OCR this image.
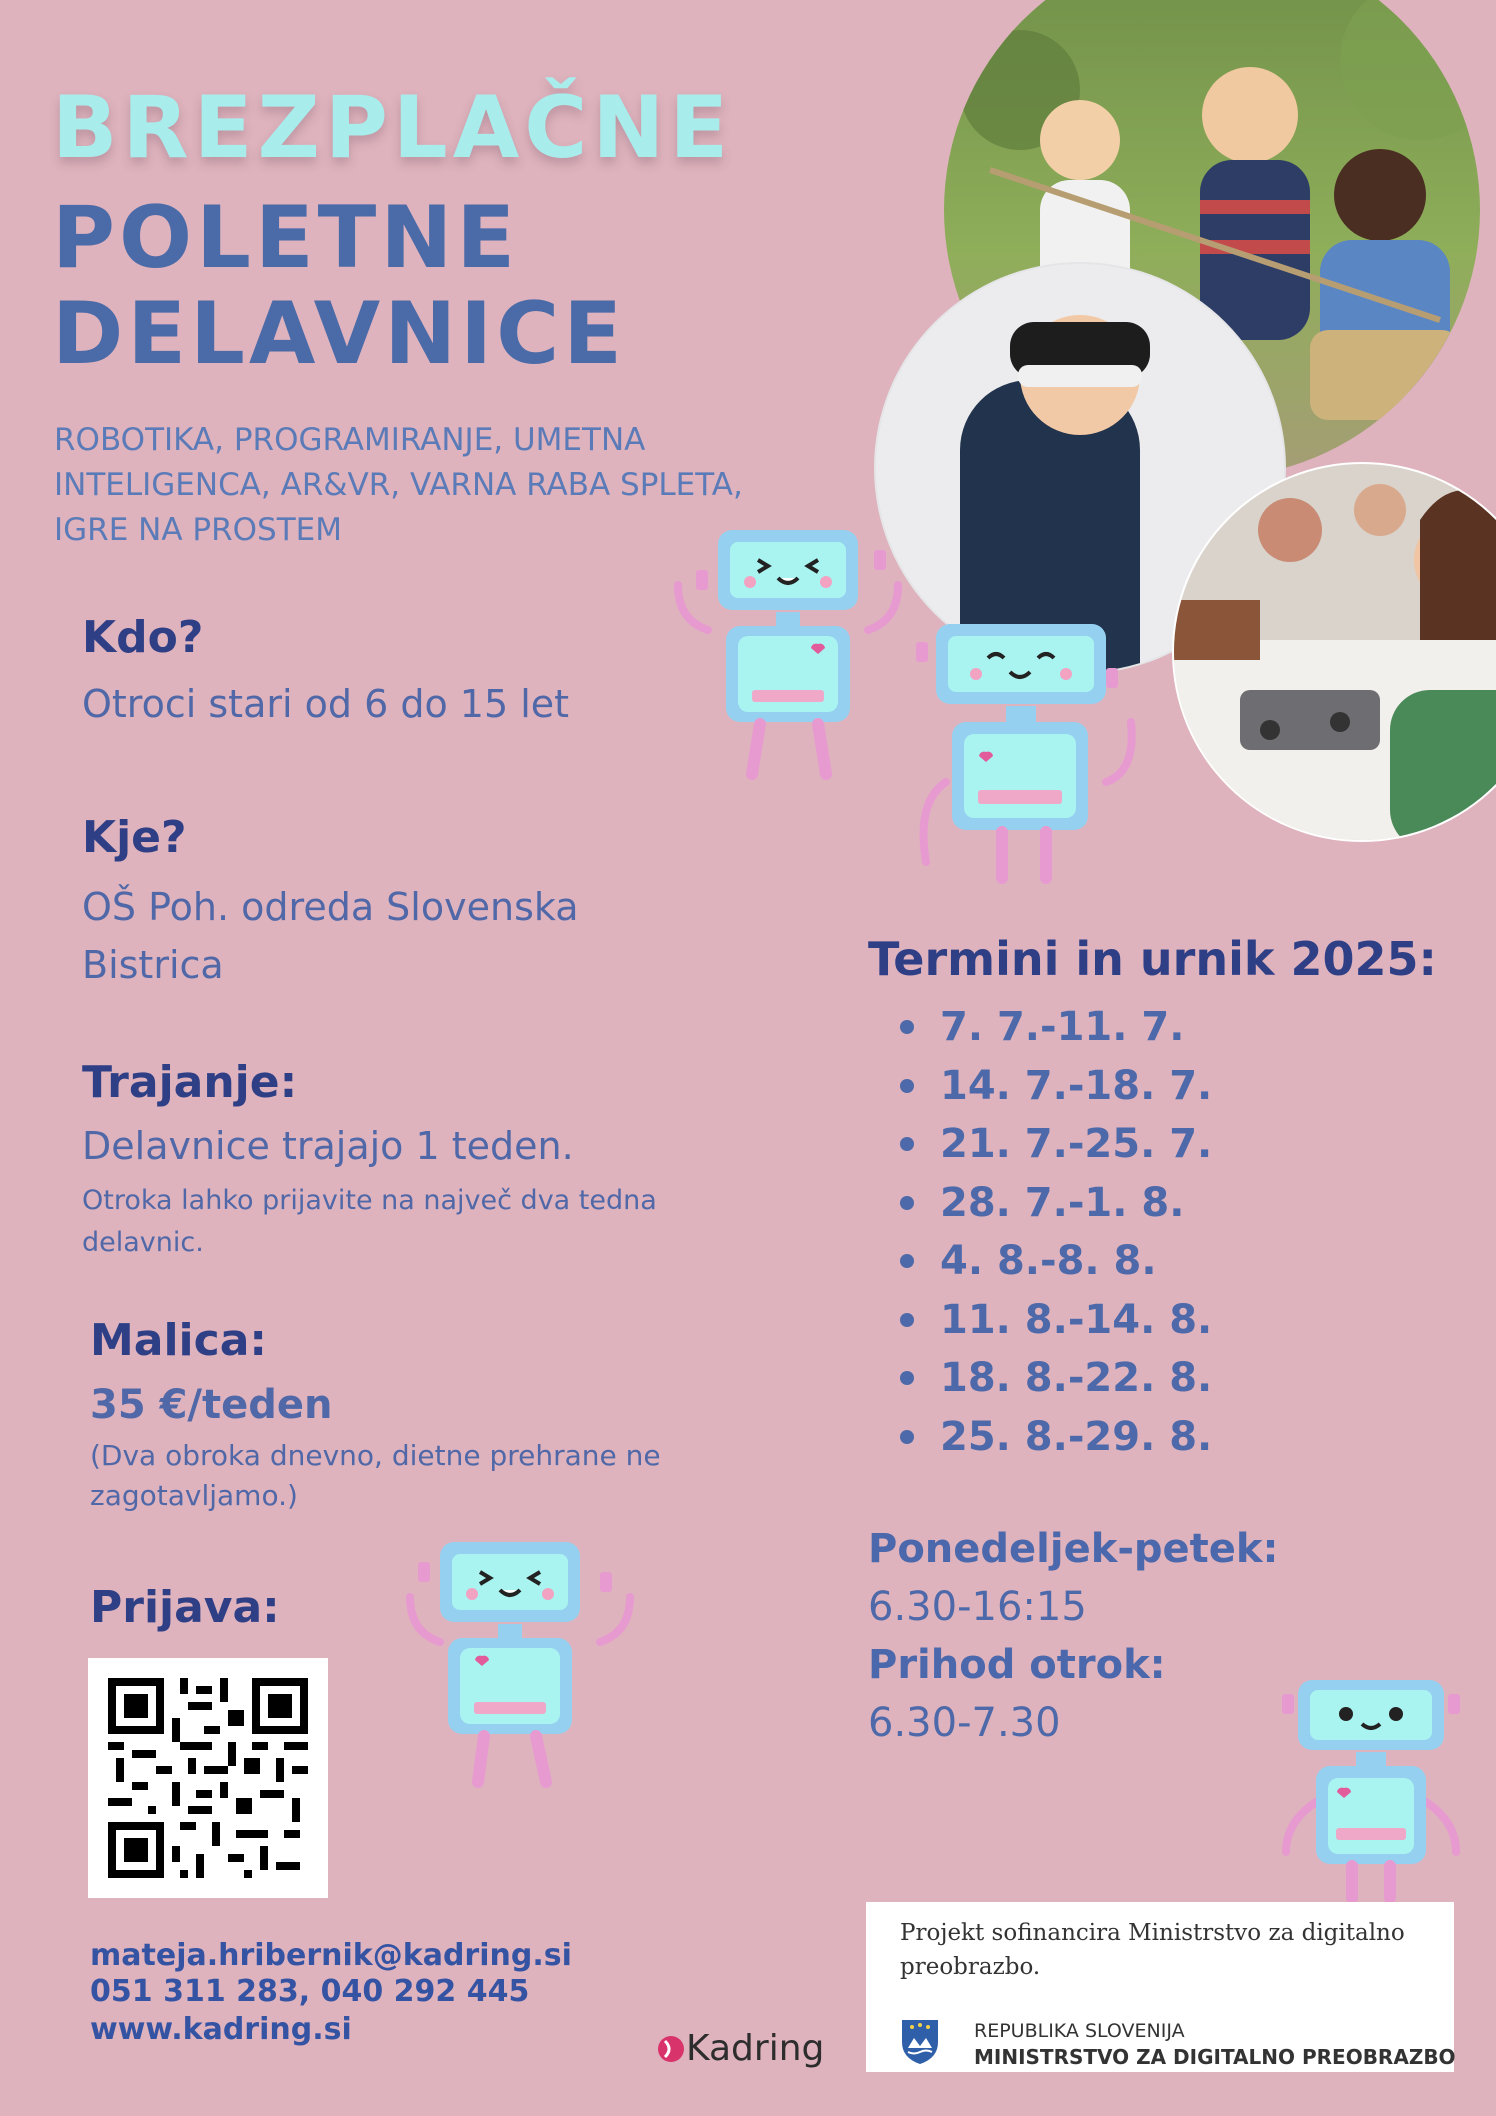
BREZPLAČNE
POLETNE
DELAVNICE
ROBOTIKA, PROGRAMIRANJE, UMETNA INTELIGENCA, AR&VR, VARNA RABA SPLETA, IGRE NA PROSTEM
Kdo?
Otroci stari od 6 do 15 let
Kje?
OŠ Poh. odreda Slovenska Bistrica
Trajanje:
Delavnice trajajo 1 teden.
Otroka lahko prijavite na največ dva tedna delavnic.
Malica:
35 €/teden
(Dva obroka dnevno, dietne prehrane ne zagotavljamo.)
Prijava:
mateja.hribernik@kadring.si
051 311 283, 040 292 445
www.kadring.si
Termini in urnik 2025:
7. 7.-11. 7.
14. 7.-18. 7.
21. 7.-25. 7.
28. 7.-1. 8.
4. 8.-8. 8.
11. 8.-14. 8.
18. 8.-22. 8.
25. 8.-29. 8.
Ponedeljek-petek:
6.30-16:15
Prihod otrok:
6.30-7.30
Projekt sofinancira Ministrstvo za digitalno preobrazbo.
REPUBLIKA SLOVENIJA
MINISTRSTVO ZA DIGITALNO PREOBRAZBO
Kadring
